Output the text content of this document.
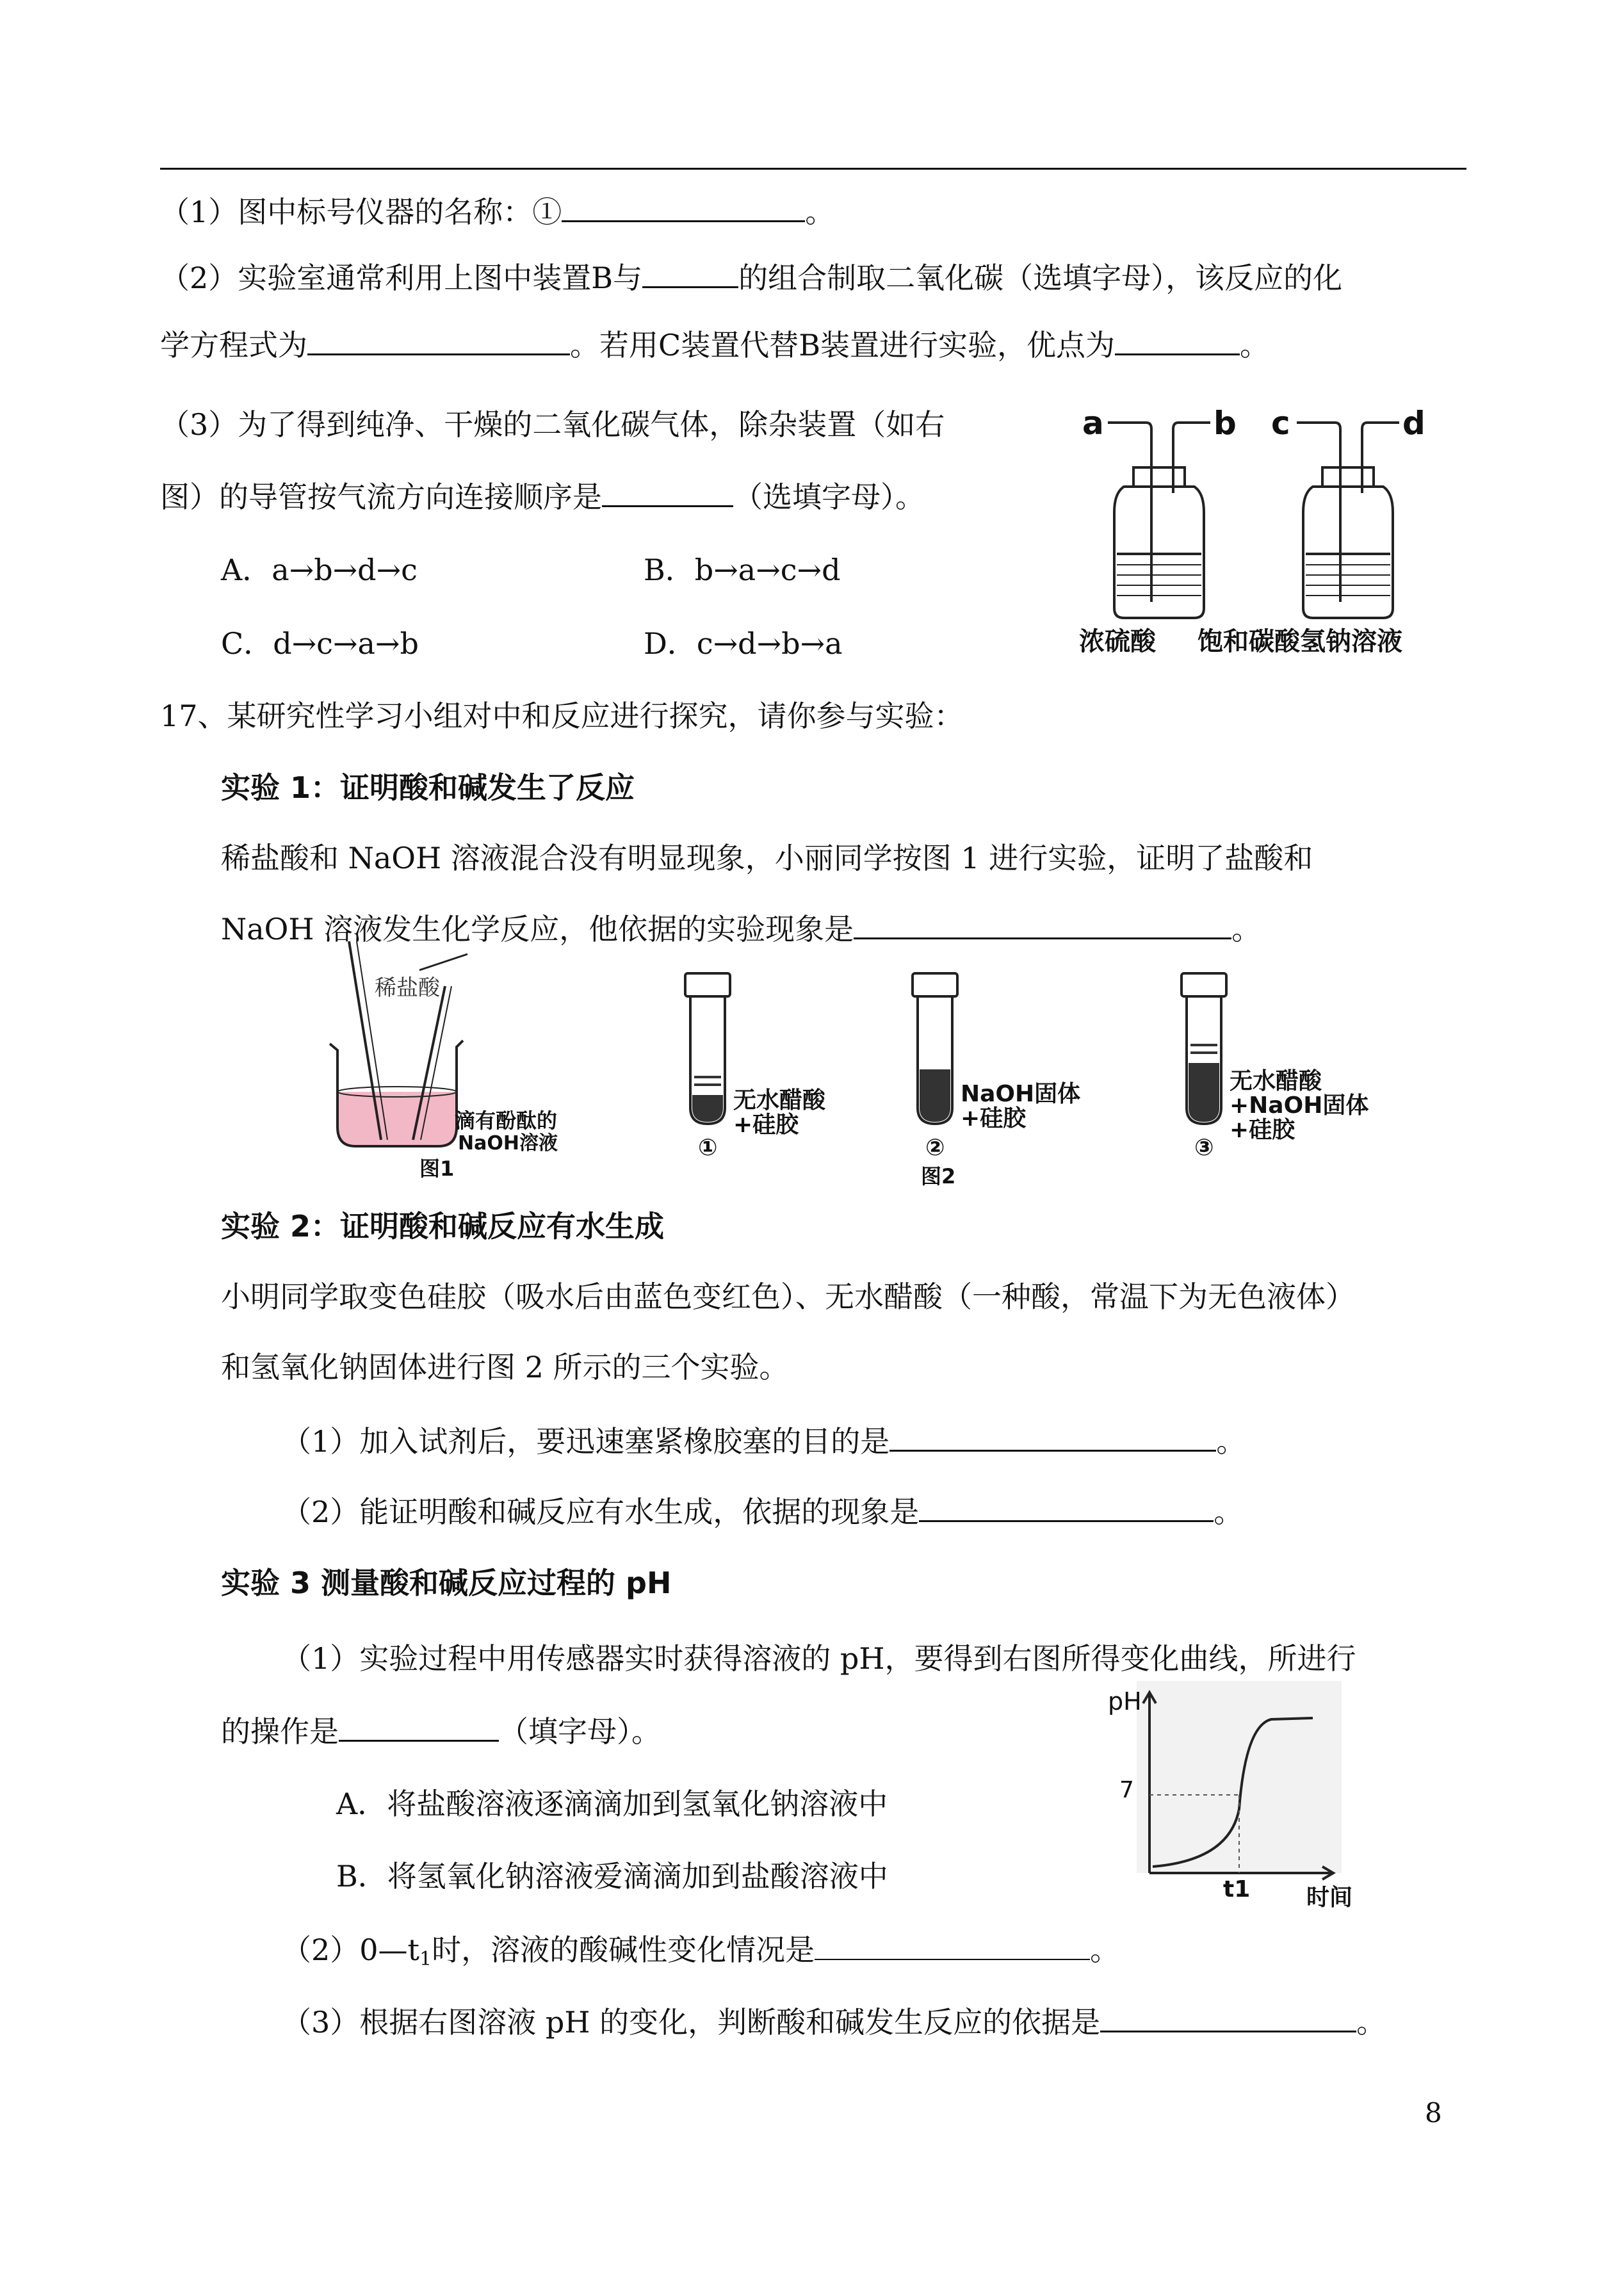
（1）图中标号仪器的名称：①	。
（2）实验室通常利用上图中装置B与	的组合制取二氧化碳（选填字母），该反应的化
学方程式为	。若用C装置代替B装置进行实验，优点为	。
（3）为了得到纯净、干燥的二氧化碳气体，除杂装置（如右
图）的导管按气流方向连接顺序是	（选填字母）。
A．a→b→d→c	B．b→a→c→d
C．d→c→a→b	D．c→d→b→a
a	b c	d
浓硫酸 饱和碳酸氢钠溶液
17、某研究性学习小组对中和反应进行探究，请你参与实验：
实验 1：证明酸和碱发生了反应
稀盐酸和 NaOH 溶液混合没有明显现象，小丽同学按图 1 进行实验，证明了盐酸和
NaOH 溶液发生化学反应，他依据的实验现象是	。
稀盐酸
滴有酚酞的
NaOH溶液
图1
无水醋酸
+硅胶
①
NaOH固体
+硅胶
②
图2
无水醋酸
+NaOH固体
+硅胶
③
实验 2：证明酸和碱反应有水生成
小明同学取变色硅胶（吸水后由蓝色变红色）、无水醋酸（一种酸，常温下为无色液体）
和氢氧化钠固体进行图 2 所示的三个实验。
（1）加入试剂后，要迅速塞紧橡胶塞的目的是	。
（2）能证明酸和碱反应有水生成，依据的现象是	。
实验 3 测量酸和碱反应过程的 pH
（1）实验过程中用传感器实时获得溶液的 pH，要得到右图所得变化曲线，所进行
的操作是	（填字母）。
A．将盐酸溶液逐滴滴加到氢氧化钠溶液中
B．将氢氧化钠溶液爱滴滴加到盐酸溶液中
$(2)0—t_1$时，溶液的酸碱性变化情况是	。
（3）根据右图溶液 pH 的变化，判断酸和碱发生反应的依据是	。
pH
7
t1 时间
8
